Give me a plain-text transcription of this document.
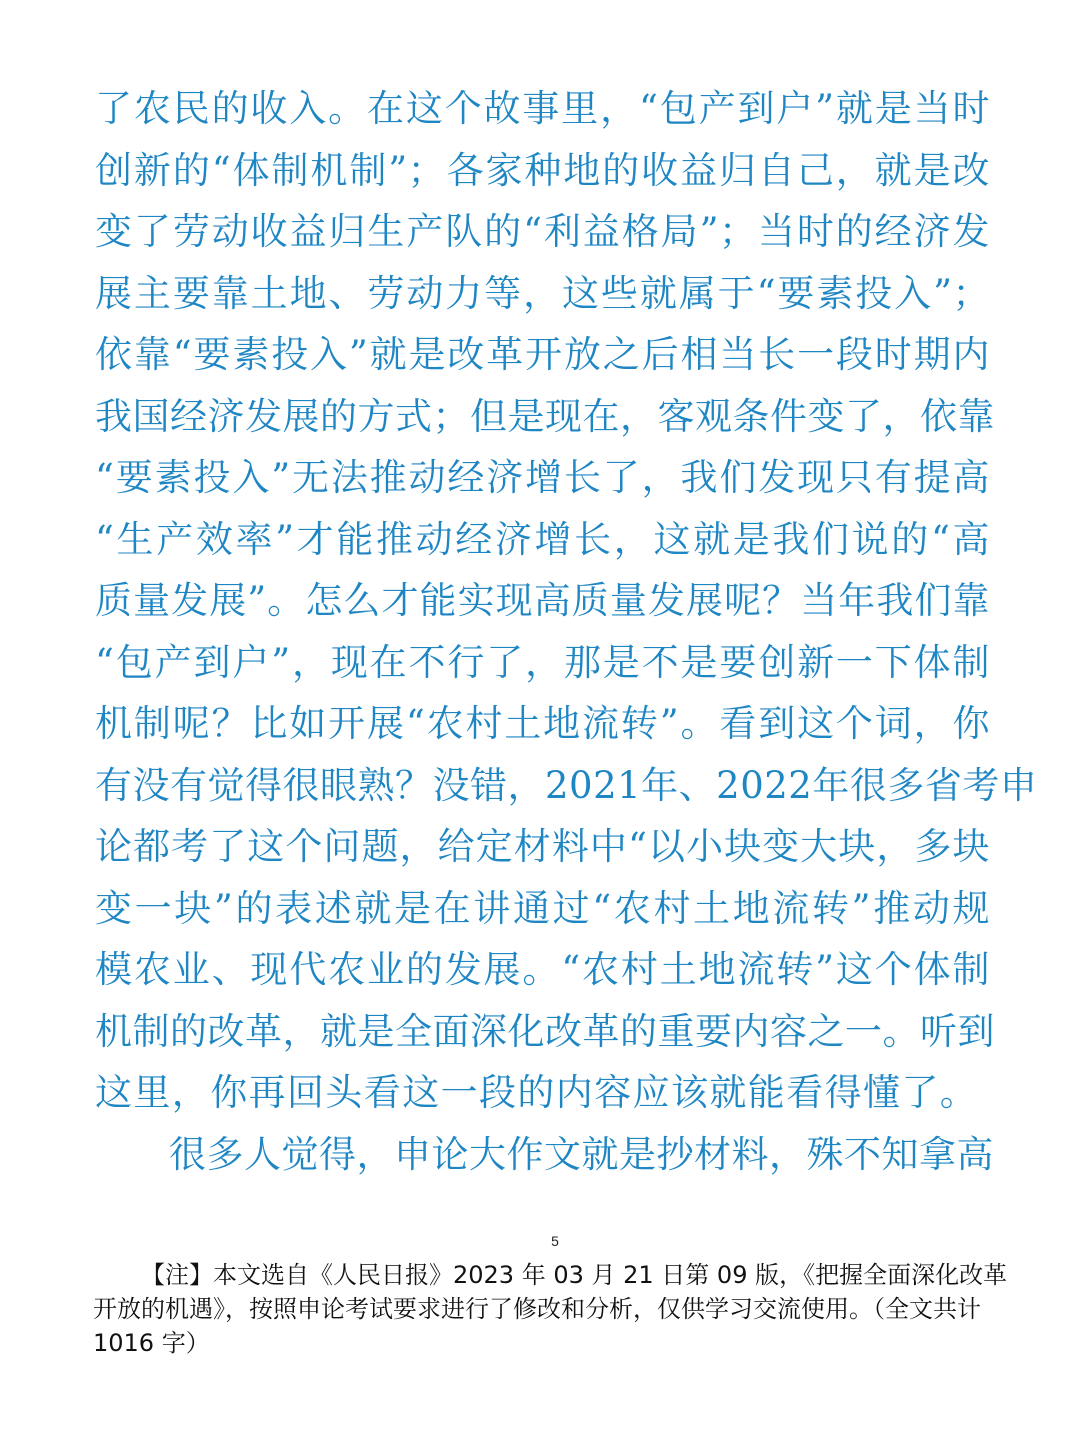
了农民的收入。在这个故事里，“包产到户”就是当时
创新的“体制机制”；各家种地的收益归自己，就是改
变了劳动收益归生产队的“利益格局”；当时的经济发
展主要靠土地、劳动力等，这些就属于“要素投入”；
依靠“要素投入”就是改革开放之后相当长一段时期内
我国经济发展的方式；但是现在，客观条件变了，依靠
“要素投入”无法推动经济增长了，我们发现只有提高
“生产效率”才能推动经济增长，这就是我们说的“高
质量发展”。怎么才能实现高质量发展呢？当年我们靠
“包产到户”，现在不行了，那是不是要创新一下体制
机制呢？比如开展“农村土地流转”。看到这个词，你
有没有觉得很眼熟？没错，2021年、2022年很多省考申
论都考了这个问题，给定材料中“以小块变大块，多块
变一块”的表述就是在讲通过“农村土地流转”推动规
模农业、现代农业的发展。“农村土地流转”这个体制
机制的改革，就是全面深化改革的重要内容之一。听到
这里，你再回头看这一段的内容应该就能看得懂了。
很多人觉得，申论大作文就是抄材料，殊不知拿高
5
【注】本文选自《人民日报》2023 年 03 月 21 日第 09 版，《把握全面深化改革
开放的机遇》，按照申论考试要求进行了修改和分析，仅供学习交流使用。（全文共计
1016 字）
